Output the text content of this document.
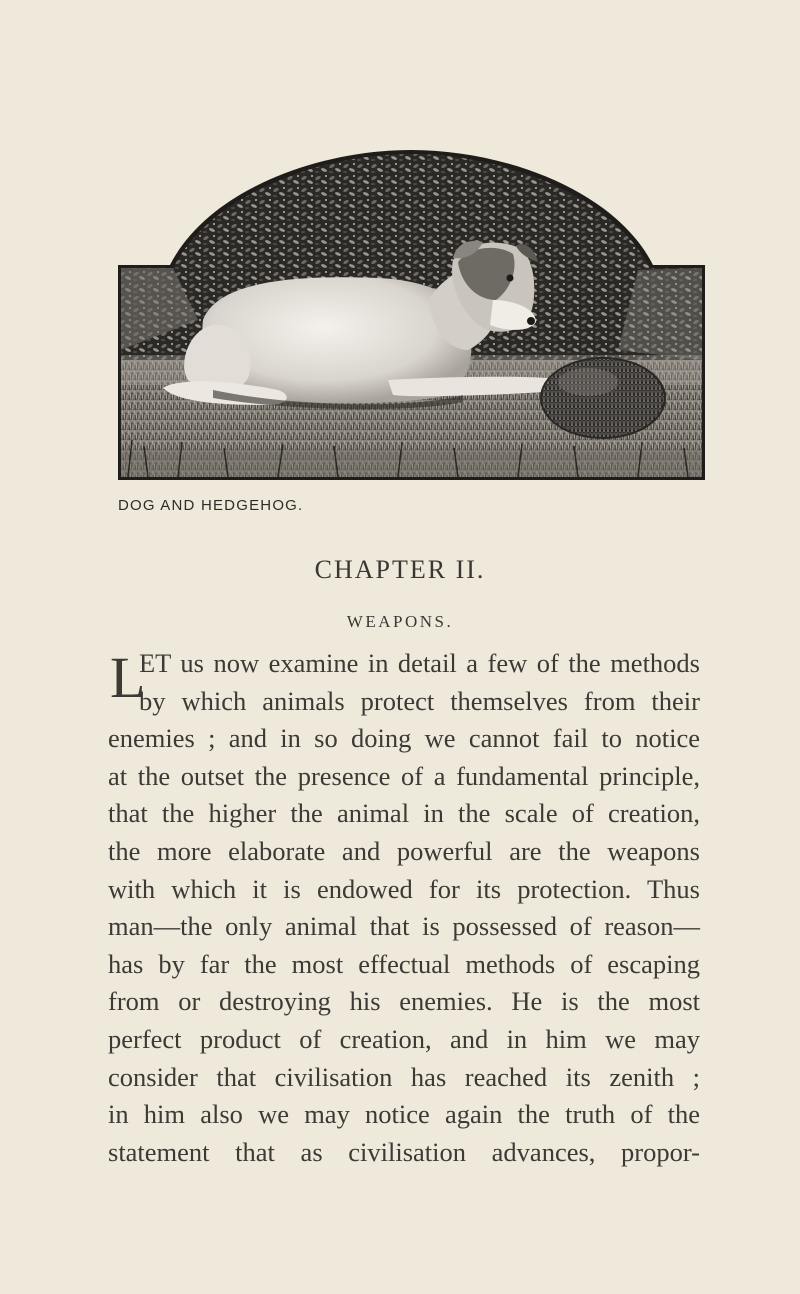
DOG AND HEDGEHOG.
CHAPTER II.
WEAPONS.
L
ET us now examine in detail a few of the methods
by which animals protect themselves from their
enemies ; and in so doing we cannot fail to notice
at the outset the presence of a fundamental principle,
that the higher the animal in the scale of creation,
the more elaborate and powerful are the weapons
with which it is endowed for its protection. Thus
man—the only animal that is possessed of reason—
has by far the most effectual methods of escaping
from or destroying his enemies. He is the most
perfect product of creation, and in him we may
consider that civilisation has reached its zenith ;
in him also we may notice again the truth of the
statement that as civilisation advances, propor-
